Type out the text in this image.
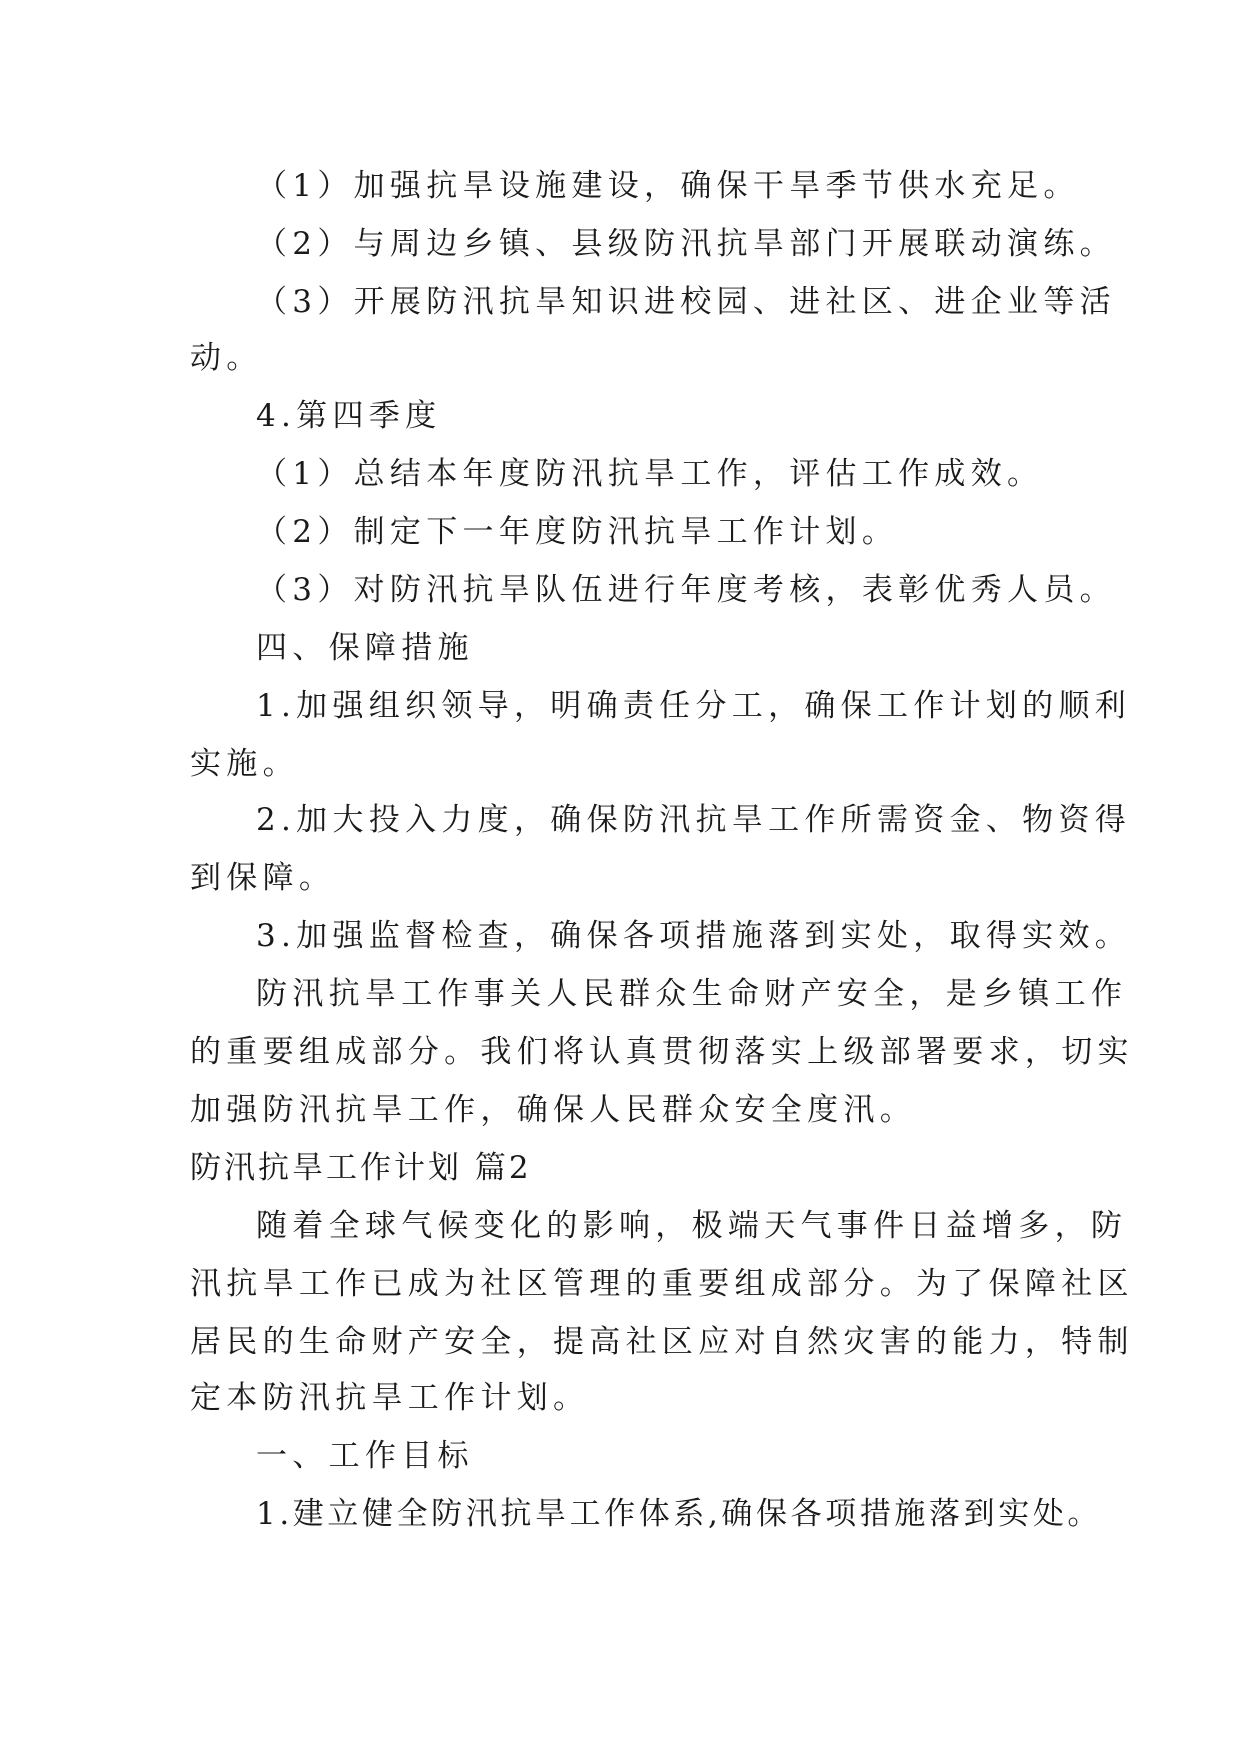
（1）加强抗旱设施建设，确保干旱季节供水充足。
（2）与周边乡镇、县级防汛抗旱部门开展联动演练。
（3）开展防汛抗旱知识进校园、进社区、进企业等活
动。
4.第四季度
（1）总结本年度防汛抗旱工作，评估工作成效。
（2）制定下一年度防汛抗旱工作计划。
（3）对防汛抗旱队伍进行年度考核，表彰优秀人员。
四、保障措施
1.加强组织领导，明确责任分工，确保工作计划的顺利
实施。
2.加大投入力度，确保防汛抗旱工作所需资金、物资得
到保障。
3.加强监督检查，确保各项措施落到实处，取得实效。
防汛抗旱工作事关人民群众生命财产安全，是乡镇工作
的重要组成部分。我们将认真贯彻落实上级部署要求，切实
加强防汛抗旱工作，确保人民群众安全度汛。
防汛抗旱工作计划 篇2
随着全球气候变化的影响，极端天气事件日益增多，防
汛抗旱工作已成为社区管理的重要组成部分。为了保障社区
居民的生命财产安全，提高社区应对自然灾害的能力，特制
定本防汛抗旱工作计划。
一、工作目标
1.建立健全防汛抗旱工作体系,确保各项措施落到实处。
